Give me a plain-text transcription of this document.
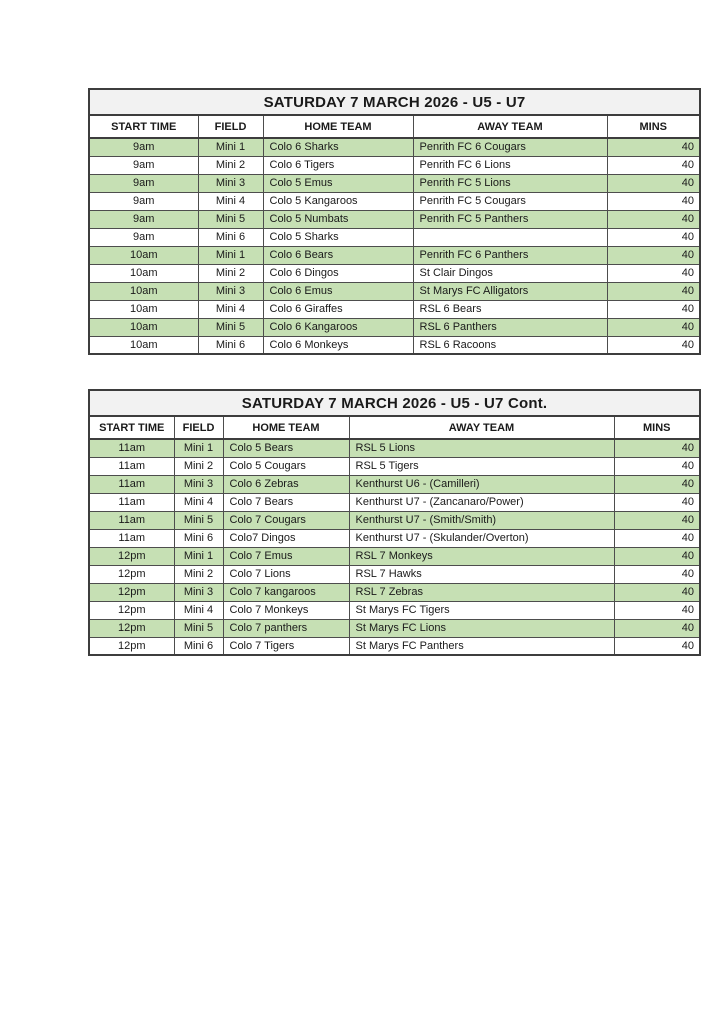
SATURDAY 7 MARCH 2026 - U5 - U7				
START TIME	FIELD	HOME TEAM	AWAY TEAM	MINS
9am	Mini 1	Colo 6 Sharks	Penrith FC 6 Cougars	40
9am	Mini 2	Colo 6 Tigers	Penrith FC 6 Lions	40
9am	Mini 3	Colo 5 Emus	Penrith FC 5 Lions	40
9am	Mini 4	Colo 5 Kangaroos	Penrith FC 5 Cougars	40
9am	Mini 5	Colo 5 Numbats	Penrith FC 5 Panthers	40
9am	Mini 6	Colo 5 Sharks		40
10am	Mini 1	Colo 6 Bears	Penrith FC 6 Panthers	40
10am	Mini 2	Colo 6 Dingos	St Clair Dingos	40
10am	Mini 3	Colo 6 Emus	St Marys FC Alligators	40
10am	Mini 4	Colo 6 Giraffes	RSL 6 Bears	40
10am	Mini 5	Colo 6 Kangaroos	RSL 6 Panthers	40
10am	Mini 6	Colo 6 Monkeys	RSL 6 Racoons	40
SATURDAY 7 MARCH 2026 - U5 - U7 Cont.				
START TIME	FIELD	HOME TEAM	AWAY TEAM	MINS
11am	Mini 1	Colo 5 Bears	RSL 5 Lions	40
11am	Mini 2	Colo 5 Cougars	RSL 5 Tigers	40
11am	Mini 3	Colo 6 Zebras	Kenthurst U6 - (Camilleri)	40
11am	Mini 4	Colo 7 Bears	Kenthurst U7 - (Zancanaro/Power)	40
11am	Mini 5	Colo 7 Cougars	Kenthurst U7 - (Smith/Smith)	40
11am	Mini 6	Colo7 Dingos	Kenthurst U7 - (Skulander/Overton)	40
12pm	Mini 1	Colo 7 Emus	RSL 7 Monkeys	40
12pm	Mini 2	Colo 7 Lions	RSL 7 Hawks	40
12pm	Mini 3	Colo 7 kangaroos	RSL 7 Zebras	40
12pm	Mini 4	Colo 7 Monkeys	St Marys FC Tigers	40
12pm	Mini 5	Colo 7 panthers	St Marys FC Lions	40
12pm	Mini 6	Colo 7 Tigers	St Marys FC Panthers	40
